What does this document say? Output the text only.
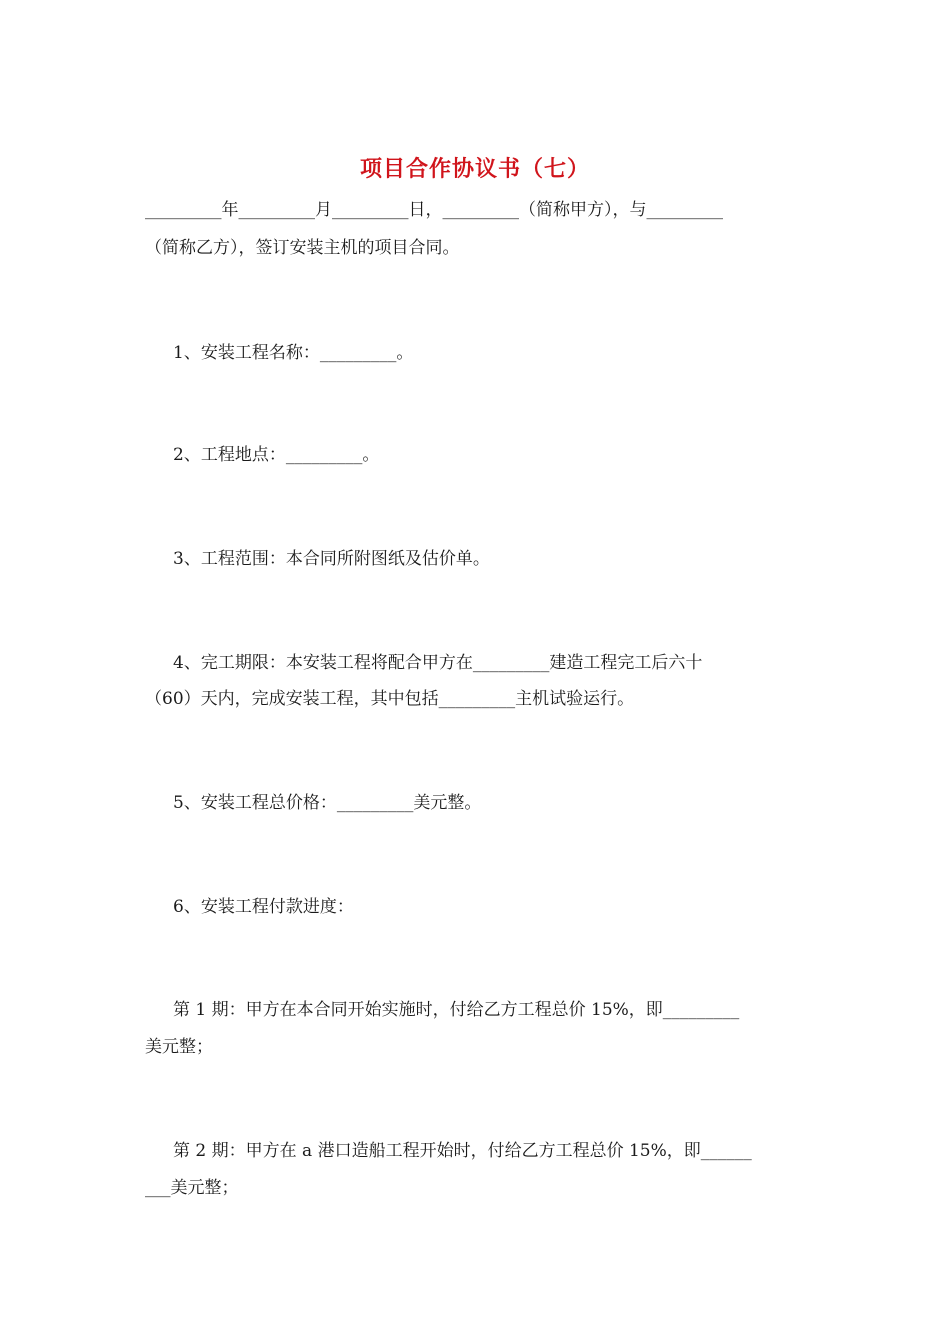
项目合作协议书（七）
_________年_________月_________日，_________（简称甲方），与_________
（简称乙方），签订安装主机的项目合同。
1、安装工程名称：_________。
2、工程地点：_________。
3、工程范围：本合同所附图纸及估价单。
4、完工期限：本安装工程将配合甲方在_________建造工程完工后六十
（60）天内，完成安装工程，其中包括_________主机试验运行。
5、安装工程总价格：_________美元整。
6、安装工程付款进度：
第 1 期：甲方在本合同开始实施时，付给乙方工程总价 15%，即_________
美元整；
第 2 期：甲方在 a 港口造船工程开始时，付给乙方工程总价 15%，即______
___美元整；
